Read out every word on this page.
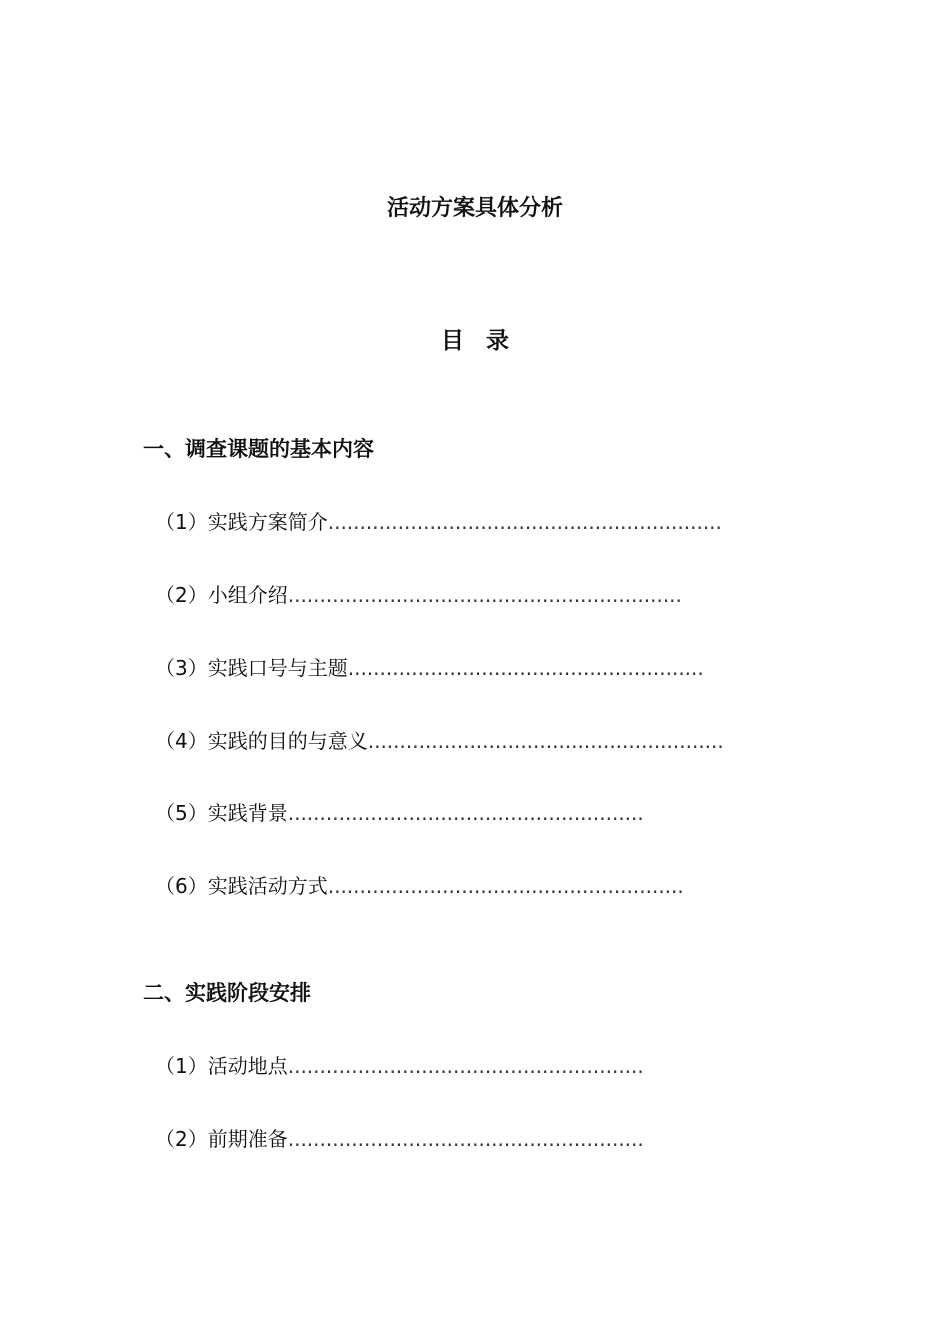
活动方案具体分析
目 录
一、调查课题的基本内容
（1）实践方案简介..............................................................
（2）小组介绍..............................................................
（3）实践口号与主题........................................................
（4）实践的目的与意义........................................................
（5）实践背景........................................................
（6）实践活动方式........................................................
二、实践阶段安排
（1）活动地点........................................................
（2）前期准备........................................................
